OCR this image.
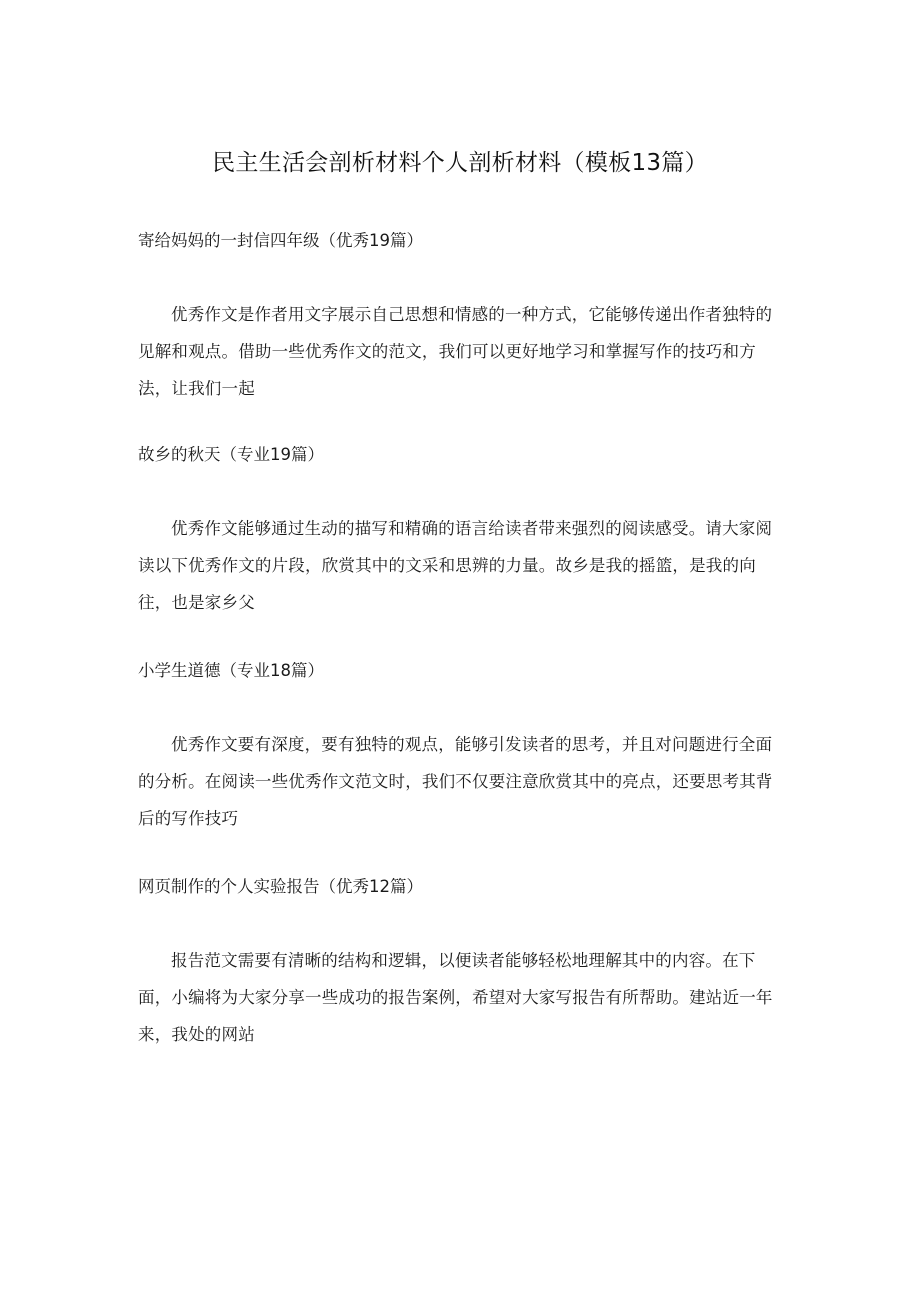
民主生活会剖析材料个人剖析材料（模板13篇）
寄给妈妈的一封信四年级（优秀19篇）

优秀作文是作者用文字展示自己思想和情感的一种方式，它能够传递出作者独特的见解和观点。借助一些优秀作文的范文，我们可以更好地学习和掌握写作的技巧和方法，让我们一起

故乡的秋天（专业19篇）

优秀作文能够通过生动的描写和精确的语言给读者带来强烈的阅读感受。请大家阅读以下优秀作文的片段，欣赏其中的文采和思辨的力量。故乡是我的摇篮，是我的向往，也是家乡父

小学生道德（专业18篇）

优秀作文要有深度，要有独特的观点，能够引发读者的思考，并且对问题进行全面的分析。在阅读一些优秀作文范文时，我们不仅要注意欣赏其中的亮点，还要思考其背后的写作技巧

网页制作的个人实验报告（优秀12篇）

报告范文需要有清晰的结构和逻辑，以便读者能够轻松地理解其中的内容。在下面，小编将为大家分享一些成功的报告案例，希望对大家写报告有所帮助。建站近一年来，我处的网站
